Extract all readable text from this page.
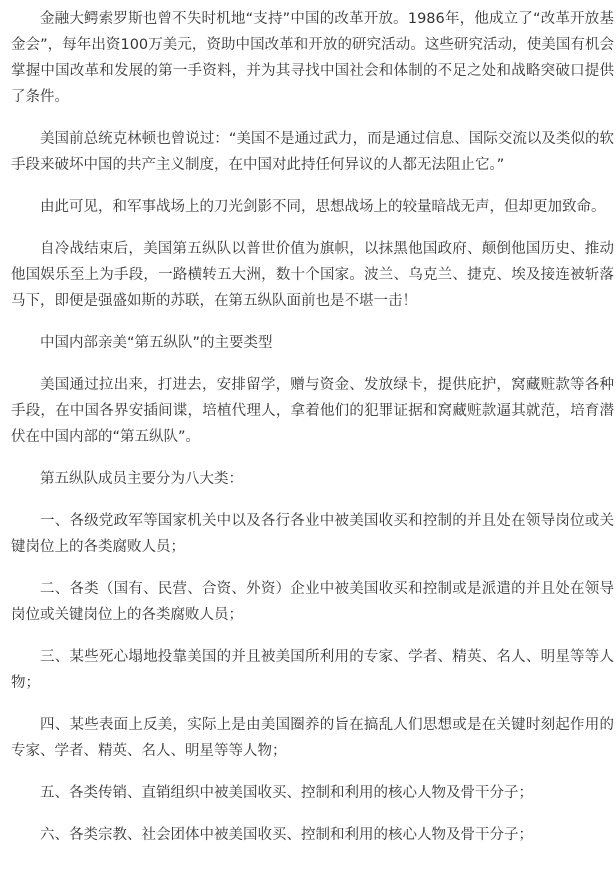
金融大鳄索罗斯也曾不失时机地“支持”中国的改革开放。1986年，他成立了“改革开放基金会”，每年出资100万美元，资助中国改革和开放的研究活动。这些研究活动，使美国有机会掌握中国改革和发展的第一手资料，并为其寻找中国社会和体制的不足之处和战略突破口提供了条件。

美国前总统克林顿也曾说过：“美国不是通过武力，而是通过信息、国际交流以及类似的软手段来破坏中国的共产主义制度，在中国对此持任何异议的人都无法阻止它。”

由此可见，和军事战场上的刀光剑影不同，思想战场上的较量暗战无声，但却更加致命。

自冷战结束后，美国第五纵队以普世价值为旗帜，以抹黑他国政府、颠倒他国历史、推动他国娱乐至上为手段，一路横转五大洲，数十个国家。波兰、乌克兰、捷克、埃及接连被斩落马下，即便是强盛如斯的苏联，在第五纵队面前也是不堪一击！

中国内部亲美“第五纵队”的主要类型

美国通过拉出来，打进去，安排留学，赠与资金、发放绿卡，提供庇护，窝藏赃款等各种手段，在中国各界安插间谍，培植代理人，拿着他们的犯罪证据和窝藏赃款逼其就范，培育潜伏在中国内部的“第五纵队”。

第五纵队成员主要分为八大类：

一、各级党政军等国家机关中以及各行各业中被美国收买和控制的并且处在领导岗位或关键岗位上的各类腐败人员；

二、各类（国有、民营、合资、外资）企业中被美国收买和控制或是派遣的并且处在领导岗位或关键岗位上的各类腐败人员；

三、某些死心塌地投靠美国的并且被美国所利用的专家、学者、精英、名人、明星等等人物；

四、某些表面上反美，实际上是由美国圈养的旨在搞乱人们思想或是在关键时刻起作用的专家、学者、精英、名人、明星等等人物；

五、各类传销、直销组织中被美国收买、控制和利用的核心人物及骨干分子；

六、各类宗教、社会团体中被美国收买、控制和利用的核心人物及骨干分子；
